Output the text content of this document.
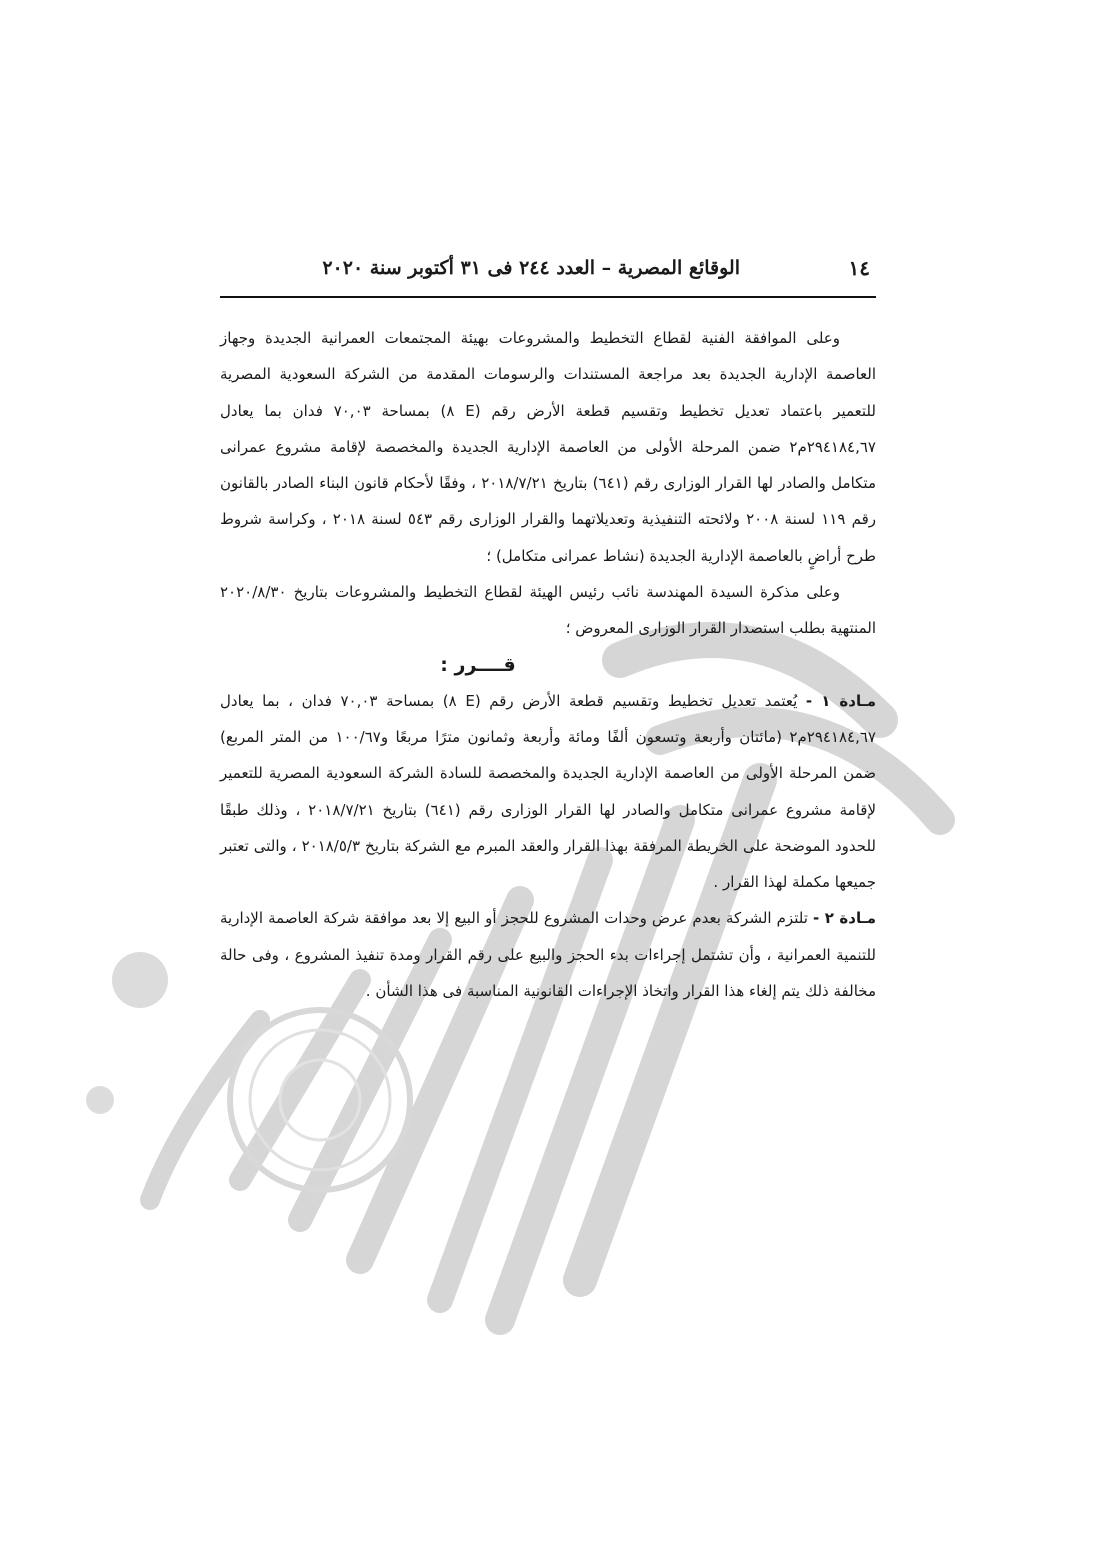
١٤
الوقائع المصرية – العدد ٢٤٤ فى ٣١ أكتوبر سنة ٢٠٢٠

وعلى الموافقة الفنية لقطاع التخطيط والمشروعات بهيئة المجتمعات العمرانية الجديدة وجهاز العاصمة الإدارية الجديدة بعد مراجعة المستندات والرسومات المقدمة من الشركة السعودية المصرية للتعمير باعتماد تعديل تخطيط وتقسيم قطعة الأرض رقم (E ٨) بمساحة ٧٠,٠٣ فدان بما يعادل ٢٩٤١٨٤,٦٧م٢ ضمن المرحلة الأولى من العاصمة الإدارية الجديدة والمخصصة لإقامة مشروع عمرانى متكامل والصادر لها القرار الوزارى رقم (٦٤١) بتاريخ ٢٠١٨/٧/٢١ ، وفقًا لأحكام قانون البناء الصادر بالقانون رقم ١١٩ لسنة ٢٠٠٨ ولائحته التنفيذية وتعديلاتهما والقرار الوزارى رقم ٥٤٣ لسنة ٢٠١٨ ، وكراسة شروط طرح أراضٍ بالعاصمة الإدارية الجديدة (نشاط عمرانى متكامل) ؛

وعلى مذكرة السيدة المهندسة نائب رئيس الهيئة لقطاع التخطيط والمشروعات بتاريخ ٢٠٢٠/٨/٣٠ المنتهية بطلب استصدار القرار الوزارى المعروض ؛

قــــرر :

مـادة ١ - يُعتمد تعديل تخطيط وتقسيم قطعة الأرض رقم (E ٨) بمساحة ٧٠,٠٣ فدان ، بما يعادل ٢٩٤١٨٤,٦٧م٢ (مائتان وأربعة وتسعون ألفًا ومائة وأربعة وثمانون مترًا مربعًا و١٠٠/٦٧ من المتر المربع) ضمن المرحلة الأولى من العاصمة الإدارية الجديدة والمخصصة للسادة الشركة السعودية المصرية للتعمير لإقامة مشروع عمرانى متكامل والصادر لها القرار الوزارى رقم (٦٤١) بتاريخ ٢٠١٨/٧/٢١ ، وذلك طبقًا للحدود الموضحة على الخريطة المرفقة بهذا القرار والعقد المبرم مع الشركة بتاريخ ٢٠١٨/٥/٣ ، والتى تعتبر جميعها مكملة لهذا القرار .

مـادة ٢ - تلتزم الشركة بعدم عرض وحدات المشروع للحجز أو البيع إلا بعد موافقة شركة العاصمة الإدارية للتنمية العمرانية ، وأن تشتمل إجراءات بدء الحجز والبيع على رقم القرار ومدة تنفيذ المشروع ، وفى حالة مخالفة ذلك يتم إلغاء هذا القرار واتخاذ الإجراءات القانونية المناسبة فى هذا الشأن .
